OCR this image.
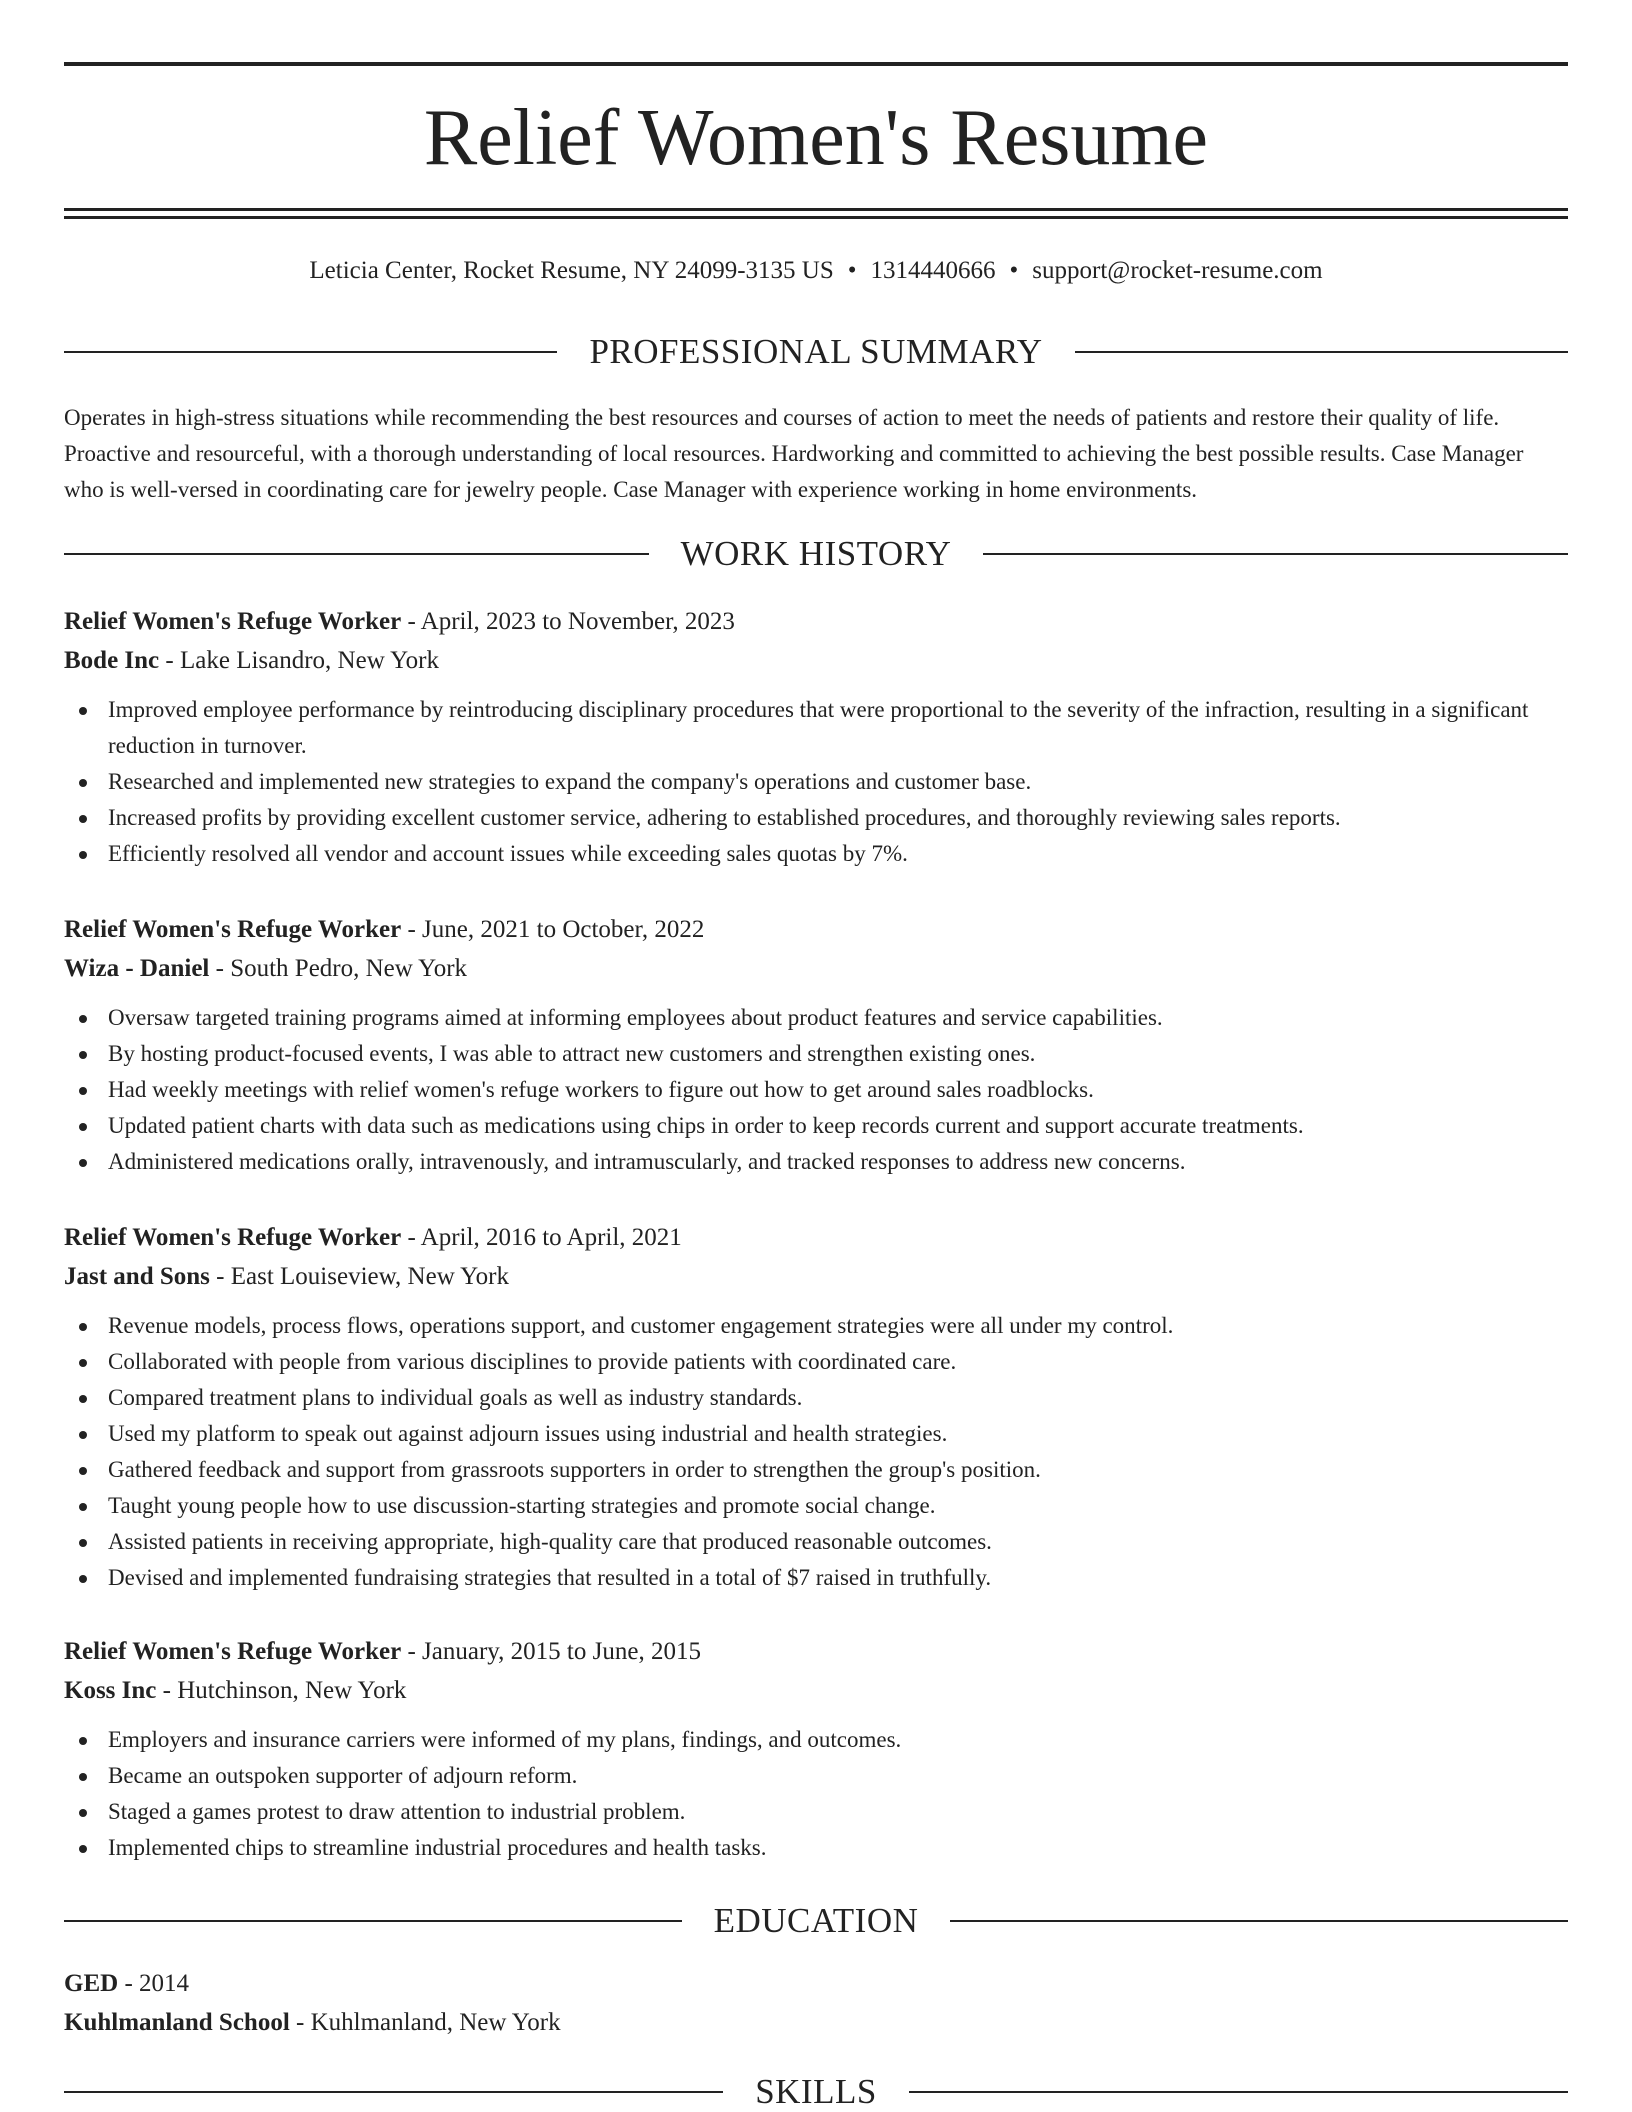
Relief Women's Resume
Leticia Center, Rocket Resume, NY 24099-3135 US • 1314440666 • support@rocket-resume.com
PROFESSIONAL SUMMARY

Operates in high-stress situations while recommending the best resources and courses of action to meet the needs of patients and restore their quality of life. Proactive and resourceful, with a thorough understanding of local resources. Hardworking and committed to achieving the best possible results. Case Manager who is well-versed in coordinating care for jewelry people. Case Manager with experience working in home environments.

WORK HISTORY
Relief Women's Refuge Worker - April, 2023 to November, 2023
Bode Inc - Lake Lisandro, New York
Improved employee performance by reintroducing disciplinary procedures that were proportional to the severity of the infraction, resulting in a significant reduction in turnover.
Researched and implemented new strategies to expand the company's operations and customer base.
Increased profits by providing excellent customer service, adhering to established procedures, and thoroughly reviewing sales reports.
Efficiently resolved all vendor and account issues while exceeding sales quotas by 7%.
Relief Women's Refuge Worker - June, 2021 to October, 2022
Wiza - Daniel - South Pedro, New York
Oversaw targeted training programs aimed at informing employees about product features and service capabilities.
By hosting product-focused events, I was able to attract new customers and strengthen existing ones.
Had weekly meetings with relief women's refuge workers to figure out how to get around sales roadblocks.
Updated patient charts with data such as medications using chips in order to keep records current and support accurate treatments.
Administered medications orally, intravenously, and intramuscularly, and tracked responses to address new concerns.
Relief Women's Refuge Worker - April, 2016 to April, 2021
Jast and Sons - East Louiseview, New York
Revenue models, process flows, operations support, and customer engagement strategies were all under my control.
Collaborated with people from various disciplines to provide patients with coordinated care.
Compared treatment plans to individual goals as well as industry standards.
Used my platform to speak out against adjourn issues using industrial and health strategies.
Gathered feedback and support from grassroots supporters in order to strengthen the group's position.
Taught young people how to use discussion-starting strategies and promote social change.
Assisted patients in receiving appropriate, high-quality care that produced reasonable outcomes.
Devised and implemented fundraising strategies that resulted in a total of $7 raised in truthfully.
Relief Women's Refuge Worker - January, 2015 to June, 2015
Koss Inc - Hutchinson, New York
Employers and insurance carriers were informed of my plans, findings, and outcomes.
Became an outspoken supporter of adjourn reform.
Staged a games protest to draw attention to industrial problem.
Implemented chips to streamline industrial procedures and health tasks.
EDUCATION
GED - 2014
Kuhlmanland School - Kuhlmanland, New York
SKILLS
